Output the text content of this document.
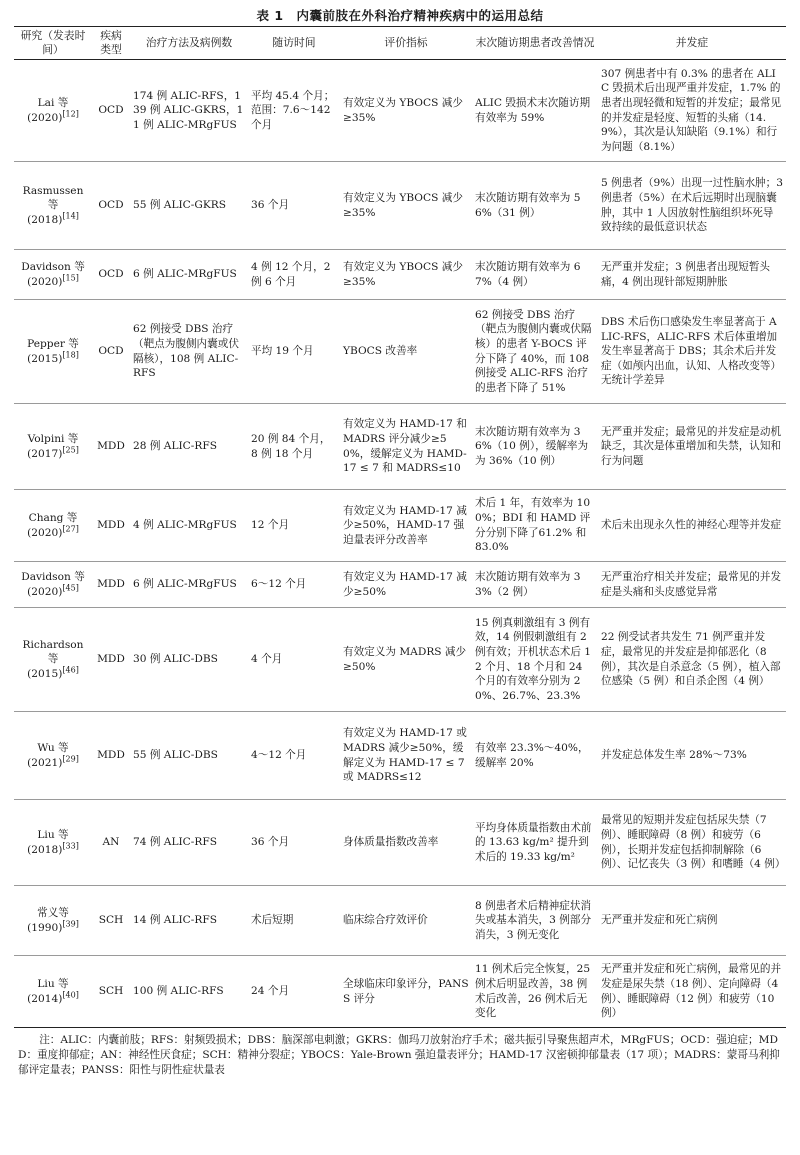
表 1　内囊前肢在外科治疗精神疾病中的运用总结
研究（发表时间）	疾病类型	治疗方法及病例数	随访时间	评价指标	末次随访期患者改善情况	并发症
Lai 等
(2020)[12]	OCD	174 例 ALIC-RFS，139 例 ALIC-GKRS，11 例 ALIC-MRgFUS	平均 45.4 个月；范围：7.6～142 个月	有效定义为 YBOCS 减少≥35%	ALIC 毁损术末次随访期有效率为 59%	307 例患者中有 0.3% 的患者在 ALIC 毁损术后出现严重并发症，1.7% 的患者出现轻微和短暂的并发症；最常见的并发症是轻度、短暂的头痛（14.9%），其次是认知缺陷（9.1%）和行为问题（8.1%）
Rasmussen 等
(2018)[14]	OCD	55 例 ALIC-GKRS	36 个月	有效定义为 YBOCS 减少≥35%	末次随访期有效率为 56%（31 例）	5 例患者（9%）出现一过性脑水肿；3 例患者（5%）在术后远期时出现脑囊肿，其中 1 人因放射性脑组织坏死导致持续的最低意识状态
Davidson 等
(2020)[15]	OCD	6 例 ALIC-MRgFUS	4 例 12 个月，2 例 6 个月	有效定义为 YBOCS 减少≥35%	末次随访期有效率为 67%（4 例）	无严重并发症；3 例患者出现短暂头痛，4 例出现针部短期肿胀
Pepper 等
(2015)[18]	OCD	62 例接受 DBS 治疗（靶点为腹侧内囊或伏隔核），108 例 ALIC-RFS	平均 19 个月	YBOCS 改善率	62 例接受 DBS 治疗（靶点为腹侧内囊或伏隔核）的患者 Y-BOCS 评分下降了 40%，而 108 例接受 ALIC-RFS 治疗的患者下降了 51%	DBS 术后伤口感染发生率显著高于 ALIC-RFS，ALIC-RFS 术后体重增加发生率显著高于 DBS；其余术后并发症（如颅内出血，认知、人格改变等）无统计学差异
Volpini 等
(2017)[25]	MDD	28 例 ALIC-RFS	20 例 84 个月，8 例 18 个月	有效定义为 HAMD-17 和 MADRS 评分减少≥50%，缓解定义为 HAMD-17 ≤ 7 和 MADRS≤10	末次随访期有效率为 36%（10 例），缓解率为为 36%（10 例）	无严重并发症；最常见的并发症是动机缺乏，其次是体重增加和失禁，认知和行为问题
Chang 等
(2020)[27]	MDD	4 例 ALIC-MRgFUS	12 个月	有效定义为 HAMD-17 减少≥50%，HAMD-17 强迫量表评分改善率	术后 1 年，有效率为 100%；BDI 和 HAMD 评分分别下降了61.2% 和 83.0%	术后未出现永久性的神经心理等并发症
Davidson 等
(2020)[45]	MDD	6 例 ALIC-MRgFUS	6～12 个月	有效定义为 HAMD-17 减少≥50%	末次随访期有效率为 33%（2 例）	无严重治疗相关并发症；最常见的并发症是头痛和头皮感觉异常
Richardson 等
(2015)[46]	MDD	30 例 ALIC-DBS	4 个月	有效定义为 MADRS 减少≥50%	15 例真刺激组有 3 例有效，14 例假刺激组有 2 例有效；开机状态术后 12 个月、18 个月和 24 个月的有效率分别为 20%、26.7%、23.3%	22 例受试者共发生 71 例严重并发症，最常见的并发症是抑郁恶化（8 例），其次是自杀意念（5 例），植入部位感染（5 例）和自杀企图（4 例）
Wu 等
(2021)[29]	MDD	55 例 ALIC-DBS	4～12 个月	有效定义为 HAMD-17 或 MADRS 减少≥50%，缓解定义为 HAMD-17 ≤ 7 或 MADRS≤12	有效率 23.3%～40%，缓解率 20%	并发症总体发生率 28%～73%
Liu 等
(2018)[33]	AN	74 例 ALIC-RFS	36 个月	身体质量指数改善率	平均身体质量指数由术前的 13.63 kg/m² 提升到术后的 19.33 kg/m²	最常见的短期并发症包括尿失禁（7 例）、睡眠障碍（8 例）和疲劳（6 例），长期并发症包括抑制解除（6 例）、记忆丧失（3 例）和嗜睡（4 例）
常义等
(1990)[39]	SCH	14 例 ALIC-RFS	术后短期	临床综合疗效评价	8 例患者术后精神症状消失或基本消失，3 例部分消失，3 例无变化	无严重并发症和死亡病例
Liu 等
(2014)[40]	SCH	100 例 ALIC-RFS	24 个月	全球临床印象评分，PANSS 评分	11 例术后完全恢复，25 例术后明显改善，38 例术后改善，26 例术后无变化	无严重并发症和死亡病例，最常见的并发症是尿失禁（18 例）、定向障碍（4 例）、睡眠障碍（12 例）和疲劳（10 例）
注：ALIC：内囊前肢；RFS：射频毁损术；DBS：脑深部电刺激；GKRS：伽玛刀放射治疗手术；磁共振引导聚焦超声术，MRgFUS；OCD：强迫症；MDD：重度抑郁症；AN：神经性厌食症；SCH：精神分裂症；YBOCS：Yale-Brown 强迫量表评分；HAMD-17 汉密顿抑郁量表（17 项）；MADRS：蒙哥马利抑郁评定量表；PANSS：阳性与阴性症状量表
